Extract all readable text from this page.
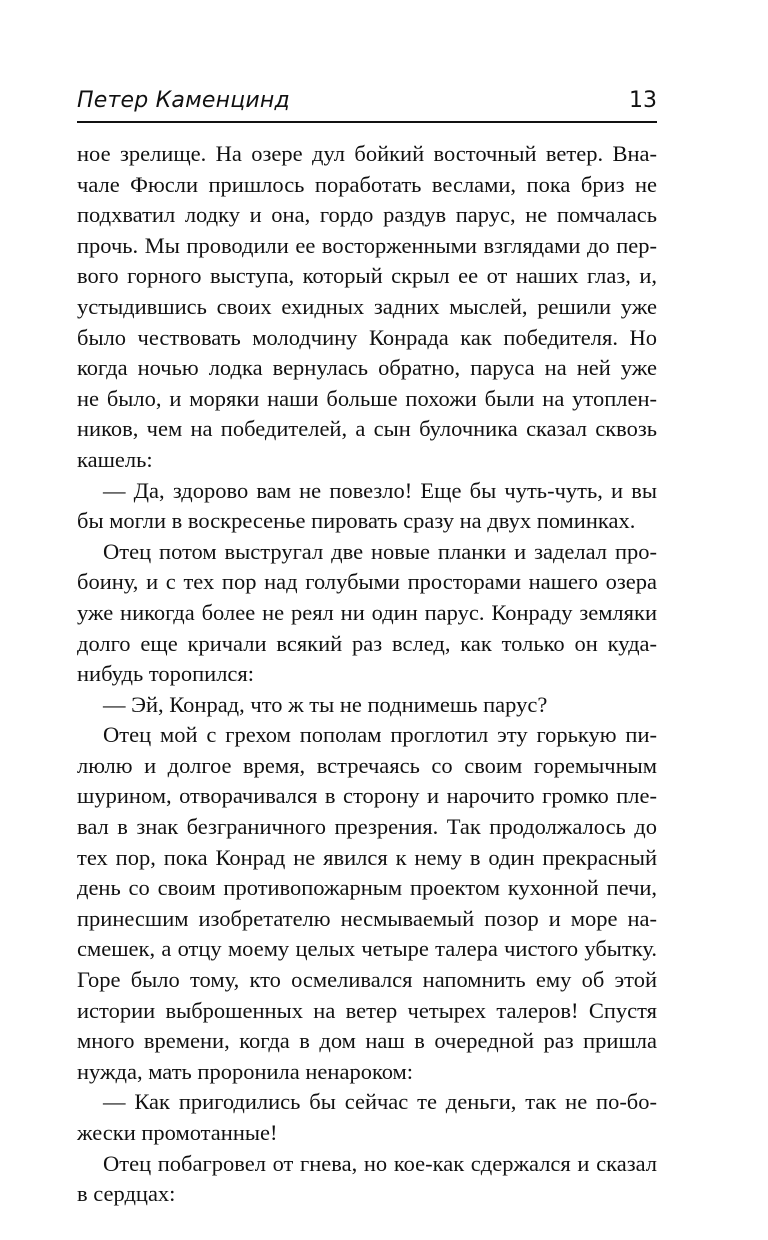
Петер Каменцинд	13
ное зрелище. На озере дул бойкий восточный ветер. Вна-
чале Фюсли пришлось поработать веслами, пока бриз не
подхватил лодку и она, гордо раздув парус, не помчалась
прочь. Мы проводили ее восторженными взглядами до пер-
вого горного выступа, который скрыл ее от наших глаз, и,
устыдившись своих ехидных задних мыслей, решили уже
было чествовать молодчину Конрада как победителя. Но
когда ночью лодка вернулась обратно, паруса на ней уже
не было, и моряки наши больше похожи были на утоплен-
ников, чем на победителей, а сын булочника сказал сквозь
кашель:
— Да, здорово вам не повезло! Еще бы чуть-чуть, и вы
бы могли в воскресенье пировать сразу на двух поминках.
Отец потом выстругал две новые планки и заделал про-
боину, и с тех пор над голубыми просторами нашего озера
уже никогда более не реял ни один парус. Конраду земляки
долго еще кричали всякий раз вслед, как только он куда-
нибудь торопился:
— Эй, Конрад, что ж ты не поднимешь парус?
Отец мой с грехом пополам проглотил эту горькую пи-
люлю и долгое время, встречаясь со своим горемычным
шурином, отворачивался в сторону и нарочито громко пле-
вал в знак безграничного презрения. Так продолжалось до
тех пор, пока Конрад не явился к нему в один прекрасный
день со своим противопожарным проектом кухонной печи,
принесшим изобретателю несмываемый позор и море на-
смешек, а отцу моему целых четыре талера чистого убытку.
Горе было тому, кто осмеливался напомнить ему об этой
истории выброшенных на ветер четырех талеров! Спустя
много времени, когда в дом наш в очередной раз пришла
нужда, мать проронила ненароком:
— Как пригодились бы сейчас те деньги, так не по-бо-
жески промотанные!
Отец побагровел от гнева, но кое-как сдержался и сказал
в сердцах:
